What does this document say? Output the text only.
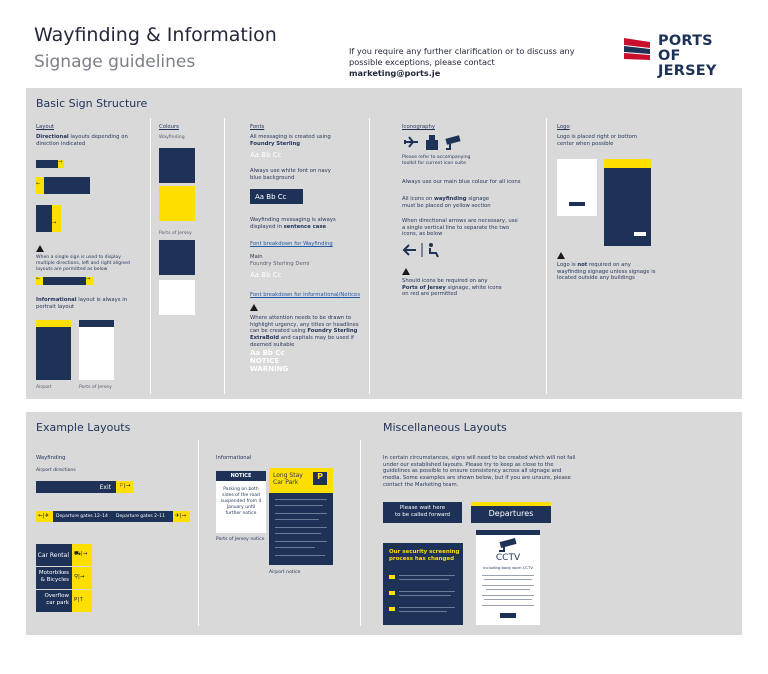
Wayfinding & Information
Signage guidelines
If you require any further clarification or to discuss any possible exceptions, please contact marketing@ports.je
PORTS
OF JERSEY
Basic Sign Structure
Layout
Directional layouts depending on direction indicated
→
←
→
When a single sign is used to display multiple directions, left and right aligned layouts are permitted as below
←	→
Informational layout is always in portrait layout
Airport	Ports of Jersey
Colours
Wayfinding
Ports of Jersey
Fonts
All messaging is created using
Foundry Sterling
Aa Bb Cc
Always use white font on navy blue background
Aa Bb Cc
Wayfinding messaging is always displayed in sentence case
Font breakdown for Wayfinding
Main
Foundry Sterling Demi
Aa Bb Cc
Font breakdown for Informational/Notices
Where attention needs to be drawn to highlight urgency, any titles or headlines can be created using Foundry Sterling ExtraBold and capitals may be used if deemed suitable
Aa Bb Cc
NOTICE
WARNING
Iconography
Please refer to accompanying toolkit for current icon suite
Always use our main blue colour for all icons
All icons on wayfinding signage must be placed on yellow section
When directional arrows are necessary, use a single vertical line to separate the two icons, as below
Should icons be required on any Ports of Jersey signage, white icons on red are permitted
Logo
Logo is placed right or bottom center when possible
Logo is not required on any wayfinding signage unless signage is located outside any buildings
Example Layouts	Miscellaneous Layouts
Wayfinding
Airport directions
Exit	⚐|→
←|✈	Departure gates 12–14	Departure gates 2–11	✈|→
Car Rental ⛟|→
Motorbikes
& Bicycles ⚲|→
Overflow
car park P|↑
Informational
NOTICE
Parking on both sides of the road suspended from 4 January until further notice
Ports of Jersey notice
Long Stay
Car Park
P
Airport notice
In certain circumstances, signs will need to be created which will not fall under our established layouts. Please try to keep as close to the guidelines as possible to ensure consistency across all signage and media. Some examples are shown below, but if you are unsure, please contact the Marketing team.
Please wait here
to be called forward	Departures
Our security screening
process has changed	CCTV
including body worn CCTV
